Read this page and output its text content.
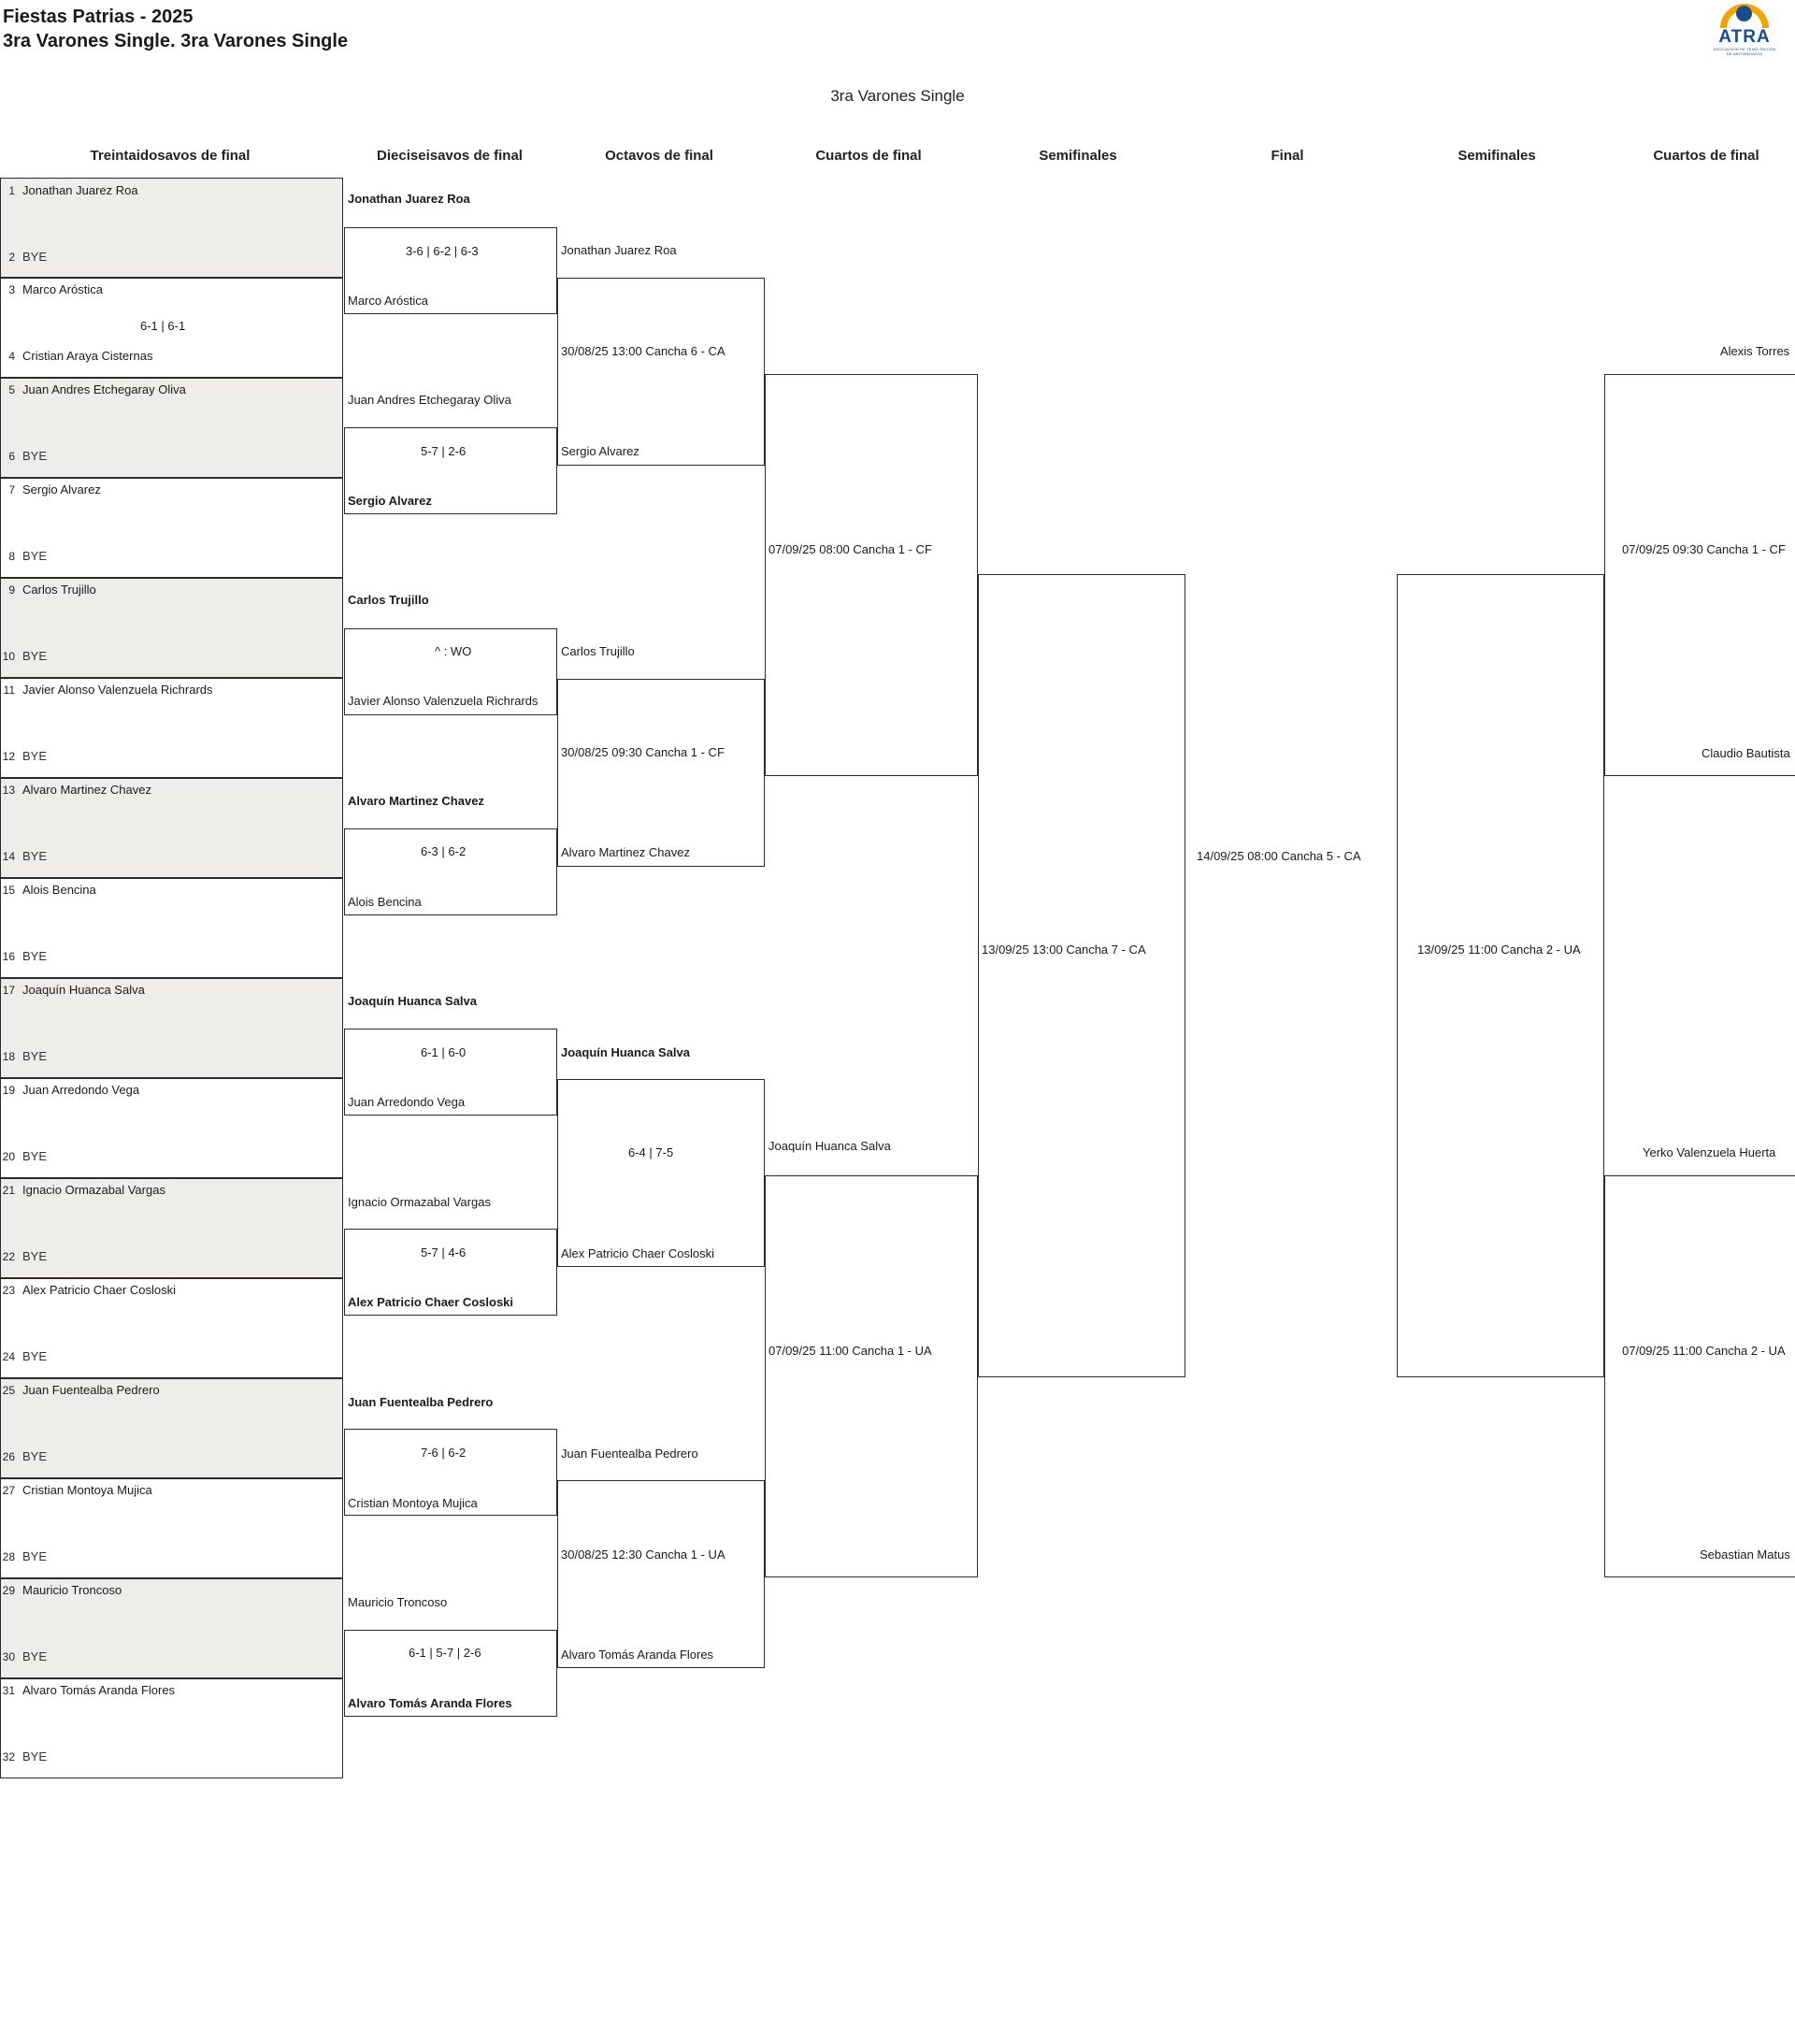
Fiestas Patrias - 2025
3ra Varones Single. 3ra Varones Single	ATRA
ASOCIACIÓN DE TENIS REGIÓN DE ANTOFAGASTA
3ra Varones Single
Treintaidosavos de final	Dieciseisavos de final	Octavos de final	Cuartos de final	Semifinales	Final	Semifinales	Cuartos de final
1 Jonathan Juarez Roa
2 BYE
3 Marco Aróstica
4 Cristian Araya Cisternas
6-1 | 6-1
5 Juan Andres Etchegaray Oliva
6 BYE
7 Sergio Alvarez
8 BYE
9 Carlos Trujillo
10 BYE
11 Javier Alonso Valenzuela Richrards
12 BYE
13 Alvaro Martinez Chavez
14 BYE
15 Alois Bencina
16 BYE
17 Joaquín Huanca Salva
18 BYE
19 Juan Arredondo Vega
20 BYE
21 Ignacio Ormazabal Vargas
22 BYE
23 Alex Patricio Chaer Cosloski
24 BYE
25 Juan Fuentealba Pedrero
26 BYE
27 Cristian Montoya Mujica
28 BYE
29 Mauricio Troncoso
30 BYE
31 Alvaro Tomás Aranda Flores
32 BYE
Jonathan Juarez Roa
3-6 | 6-2 | 6-3
Marco Aróstica
Juan Andres Etchegaray Oliva
5-7 | 2-6
Sergio Alvarez
Carlos Trujillo
^ : WO
Javier Alonso Valenzuela Richrards
Alvaro Martinez Chavez
6-3 | 6-2
Alois Bencina
Joaquín Huanca Salva
6-1 | 6-0
Juan Arredondo Vega
Ignacio Ormazabal Vargas
5-7 | 4-6
Alex Patricio Chaer Cosloski
Juan Fuentealba Pedrero
7-6 | 6-2
Cristian Montoya Mujica
Mauricio Troncoso
6-1 | 5-7 | 2-6
Alvaro Tomás Aranda Flores
Jonathan Juarez Roa
30/08/25 13:00 Cancha 6 - CA
Sergio Alvarez
Carlos Trujillo
30/08/25 09:30 Cancha 1 - CF
Alvaro Martinez Chavez
Joaquín Huanca Salva
6-4 | 7-5
Alex Patricio Chaer Cosloski
Juan Fuentealba Pedrero
30/08/25 12:30 Cancha 1 - UA
Alvaro Tomás Aranda Flores
07/09/25 08:00 Cancha 1 - CF
Joaquín Huanca Salva
07/09/25 11:00 Cancha 1 - UA
13/09/25 13:00 Cancha 7 - CA
14/09/25 08:00 Cancha 5 - CA
13/09/25 11:00 Cancha 2 - UA
Alexis Torres
07/09/25 09:30 Cancha 1 - CF
Claudio Bautista
Yerko Valenzuela Huerta
07/09/25 11:00 Cancha 2 - UA
Sebastian Matus
